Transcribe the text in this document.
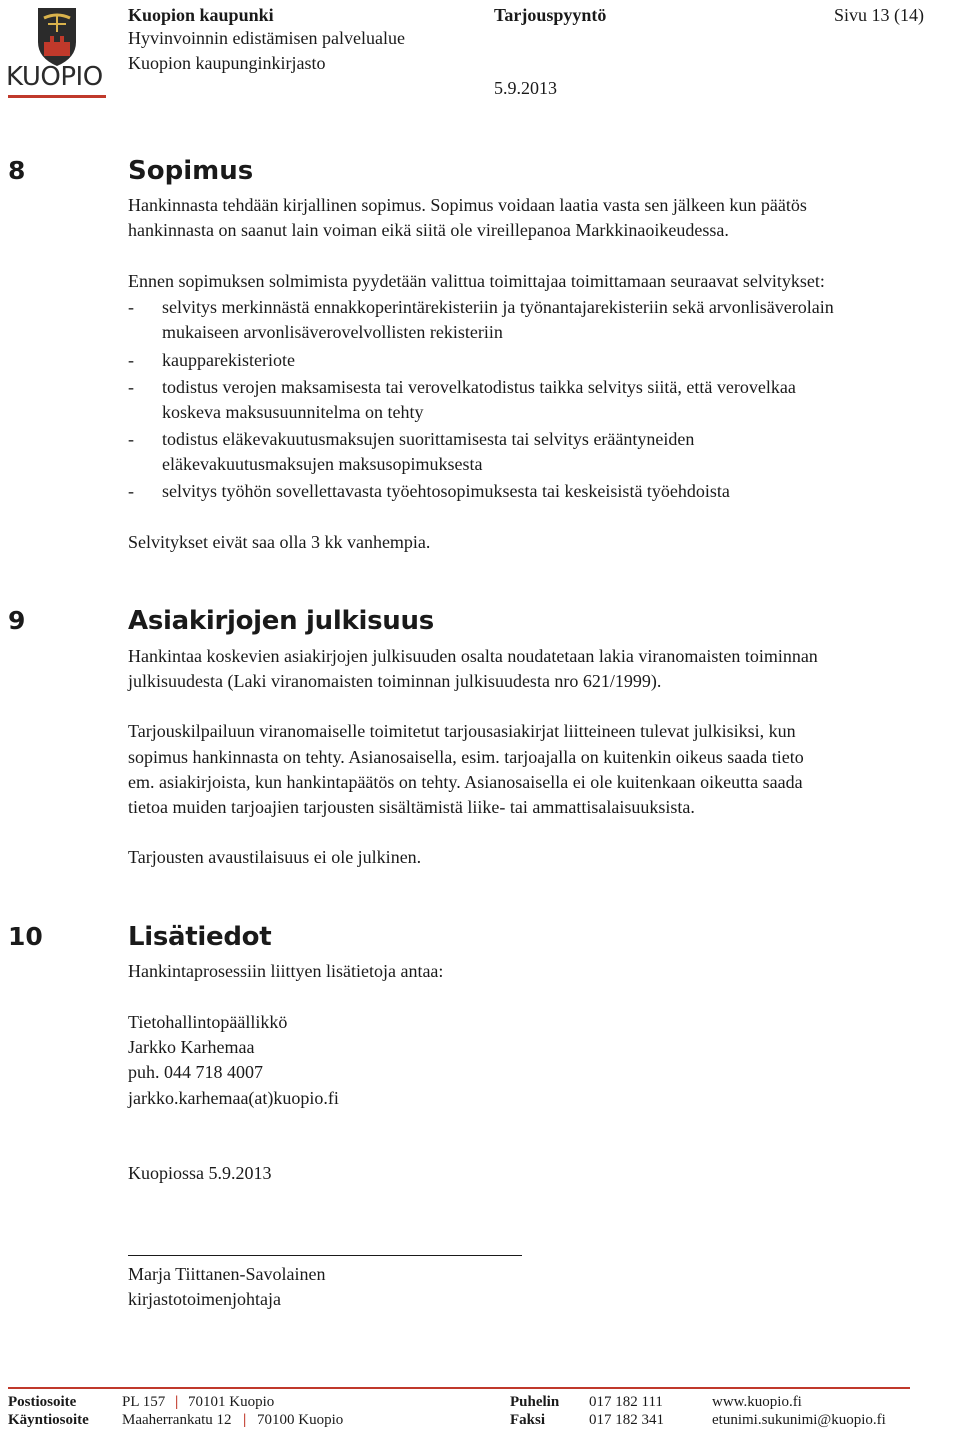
KUOPIO
Kuopion kaupunki
Hyvinvoinnin edistämisen palvelualue
Kuopion kaupunginkirjasto
Tarjouspyyntö
5.9.2013
Sivu 13 (14)
8	Sopimus
Hankinnasta tehdään kirjallinen sopimus. Sopimus voidaan laatia vasta sen jälkeen kun päätös
hankinnasta on saanut lain voiman eikä siitä ole vireillepanoa Markkinaoikeudessa.
Ennen sopimuksen solmimista pyydetään valittua toimittajaa toimittamaan seuraavat selvitykset:
- selvitys merkinnästä ennakkoperintärekisteriin ja työnantajarekisteriin sekä arvonlisäverolain
mukaiseen arvonlisäverovelvollisten rekisteriin
- kaupparekisteriote
- todistus verojen maksamisesta tai verovelkatodistus taikka selvitys siitä, että verovelkaa
koskeva maksusuunnitelma on tehty
- todistus eläkevakuutusmaksujen suorittamisesta tai selvitys erääntyneiden
eläkevakuutusmaksujen maksusopimuksesta
- selvitys työhön sovellettavasta työehtosopimuksesta tai keskeisistä työehdoista
Selvitykset eivät saa olla 3 kk vanhempia.
9	Asiakirjojen julkisuus
Hankintaa koskevien asiakirjojen julkisuuden osalta noudatetaan lakia viranomaisten toiminnan
julkisuudesta (Laki viranomaisten toiminnan julkisuudesta nro 621/1999).
Tarjouskilpailuun viranomaiselle toimitetut tarjousasiakirjat liitteineen tulevat julkisiksi, kun
sopimus hankinnasta on tehty. Asianosaisella, esim. tarjoajalla on kuitenkin oikeus saada tieto
em. asiakirjoista, kun hankintapäätös on tehty. Asianosaisella ei ole kuitenkaan oikeutta saada
tietoa muiden tarjoajien tarjousten sisältämistä liike- tai ammattisalaisuuksista.
Tarjousten avaustilaisuus ei ole julkinen.
10	Lisätiedot
Hankintaprosessiin liittyen lisätietoja antaa:
Tietohallintopäällikkö
Jarkko Karhemaa
puh. 044 718 4007
jarkko.karhemaa(at)kuopio.fi
Kuopiossa 5.9.2013
Marja Tiittanen-Savolainen
kirjastotoimenjohtaja
Postiosoite	PL 157 | 70101 Kuopio	Puhelin 017 182 111	www.kuopio.fi
Käyntiosoite Maaherrankatu 12 | 70100 Kuopio	Faksi	017 182 341	etunimi.sukunimi@kuopio.fi
